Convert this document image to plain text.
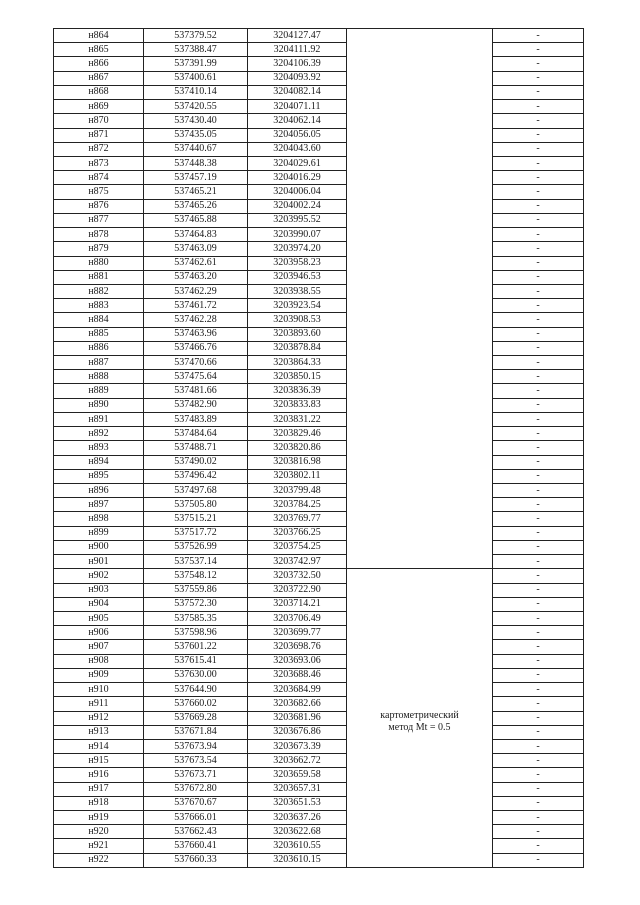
н864	537379.52	3204127.47		-
н865	537388.47	3204111.92		-
н866	537391.99	3204106.39		-
н867	537400.61	3204093.92		-
н868	537410.14	3204082.14		-
н869	537420.55	3204071.11		-
н870	537430.40	3204062.14		-
н871	537435.05	3204056.05		-
н872	537440.67	3204043.60		-
н873	537448.38	3204029.61		-
н874	537457.19	3204016.29		-
н875	537465.21	3204006.04		-
н876	537465.26	3204002.24		-
н877	537465.88	3203995.52		-
н878	537464.83	3203990.07		-
н879	537463.09	3203974.20		-
н880	537462.61	3203958.23		-
н881	537463.20	3203946.53		-
н882	537462.29	3203938.55		-
н883	537461.72	3203923.54		-
н884	537462.28	3203908.53		-
н885	537463.96	3203893.60		-
н886	537466.76	3203878.84		-
н887	537470.66	3203864.33		-
н888	537475.64	3203850.15		-
н889	537481.66	3203836.39		-
н890	537482.90	3203833.83		-
н891	537483.89	3203831.22		-
н892	537484.64	3203829.46		-
н893	537488.71	3203820.86		-
н894	537490.02	3203816.98		-
н895	537496.42	3203802.11		-
н896	537497.68	3203799.48		-
н897	537505.80	3203784.25		-
н898	537515.21	3203769.77		-
н899	537517.72	3203766.25		-
н900	537526.99	3203754.25		-
н901	537537.14	3203742.97		-
н902	537548.12	3203732.50	картометрический
метод Mt = 0.5	-
н903	537559.86	3203722.90		-
н904	537572.30	3203714.21		-
н905	537585.35	3203706.49		-
н906	537598.96	3203699.77		-
н907	537601.22	3203698.76		-
н908	537615.41	3203693.06		-
н909	537630.00	3203688.46		-
н910	537644.90	3203684.99		-
н911	537660.02	3203682.66		-
н912	537669.28	3203681.96		-
н913	537671.84	3203676.86		-
н914	537673.94	3203673.39		-
н915	537673.54	3203662.72		-
н916	537673.71	3203659.58		-
н917	537672.80	3203657.31		-
н918	537670.67	3203651.53		-
н919	537666.01	3203637.26		-
н920	537662.43	3203622.68		-
н921	537660.41	3203610.55		-
н922	537660.33	3203610.15		-
